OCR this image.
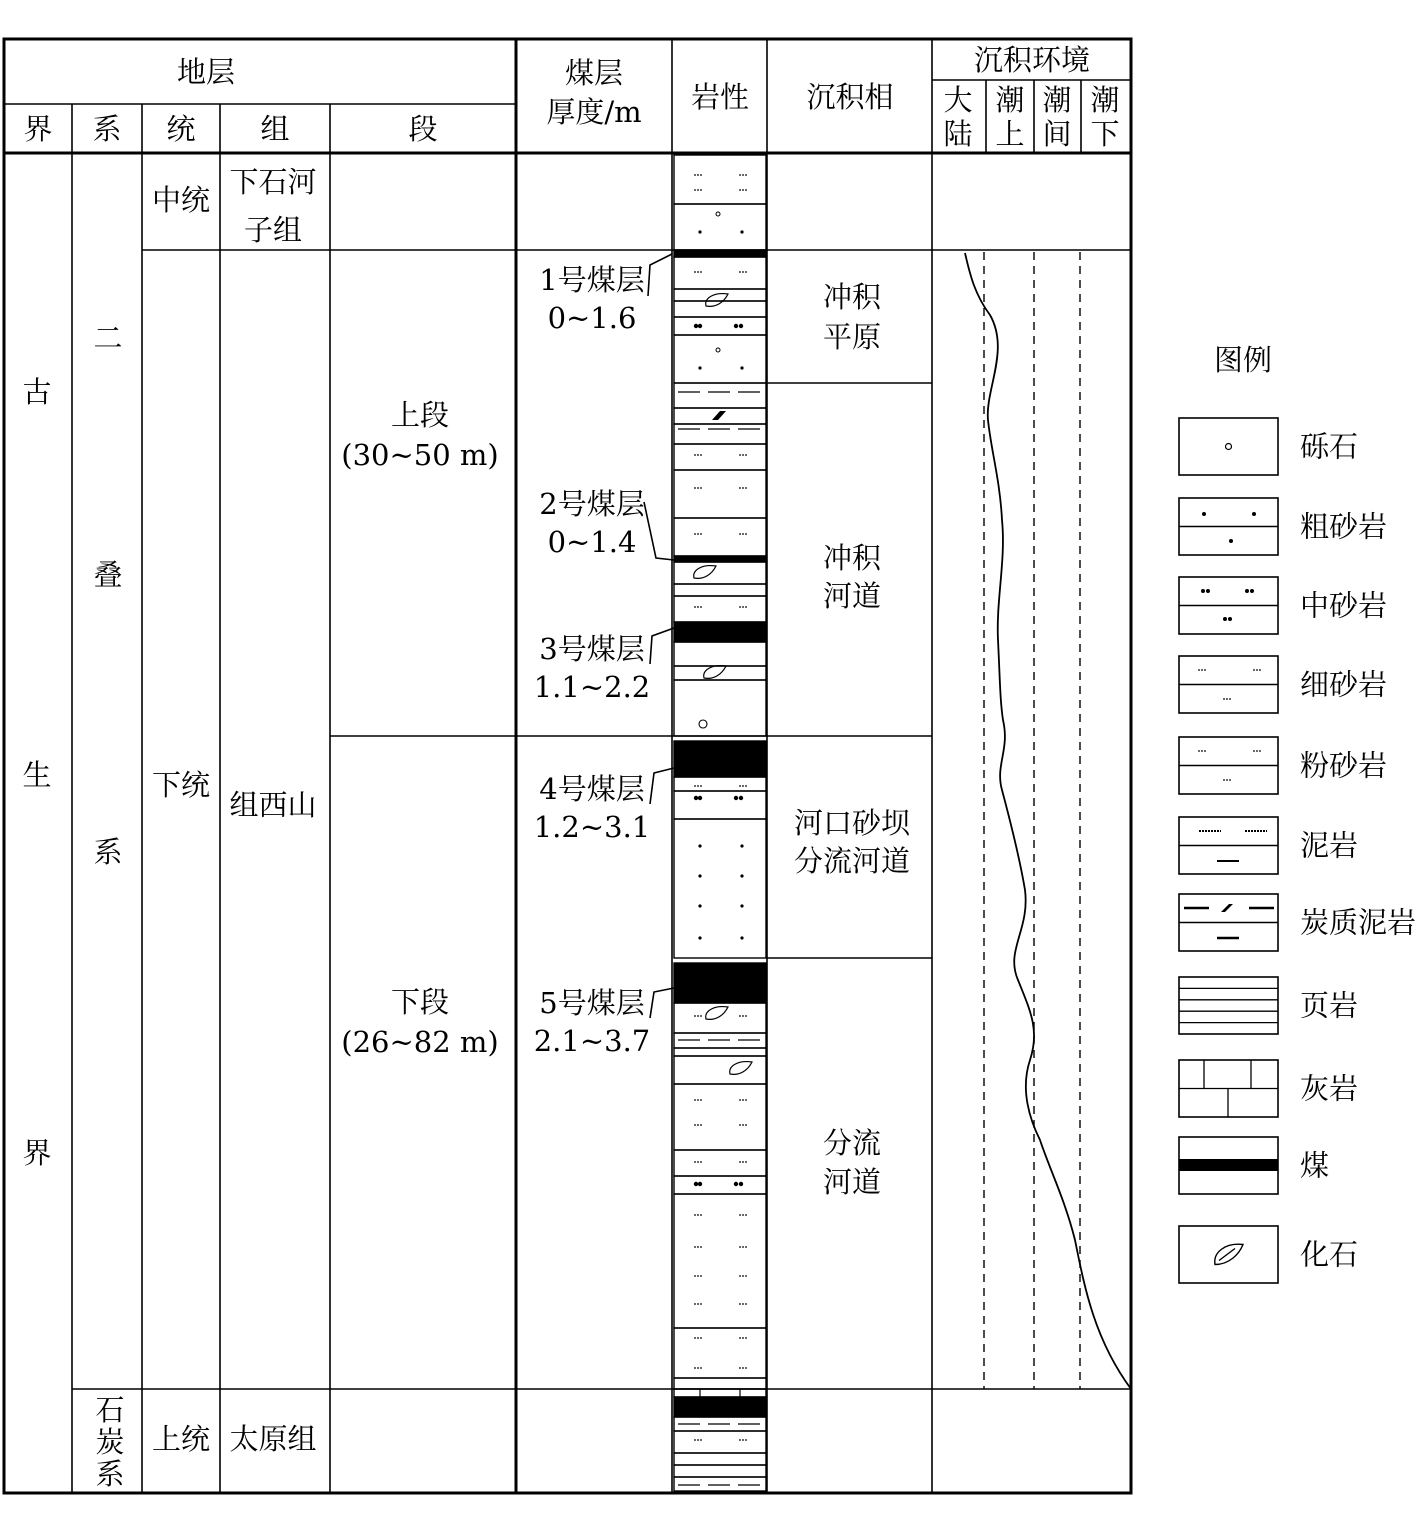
地层
界 系 统 组	段
煤层
厚度/m 岩性 沉积相
沉积环境
大
陆
潮
上
潮
间
潮
下
古
生
界
二
叠
系
石
炭
系
中统
下统
上统
下石河
子组
组西山
太原组
上段
(30~50 m)
下段
(26~82 m)
1号煤层
0~1.6
2号煤层
0~1.4
3号煤层
1.1~2.2
4号煤层
1.2~3.1
5号煤层
2.1~3.7
冲积
平原
冲积
河道
河口砂坝
分流河道
分流
河道
图例
砾石
粗砂岩
中砂岩
细砂岩
粉砂岩
泥岩
炭质泥岩
页岩
灰岩
煤
化石
